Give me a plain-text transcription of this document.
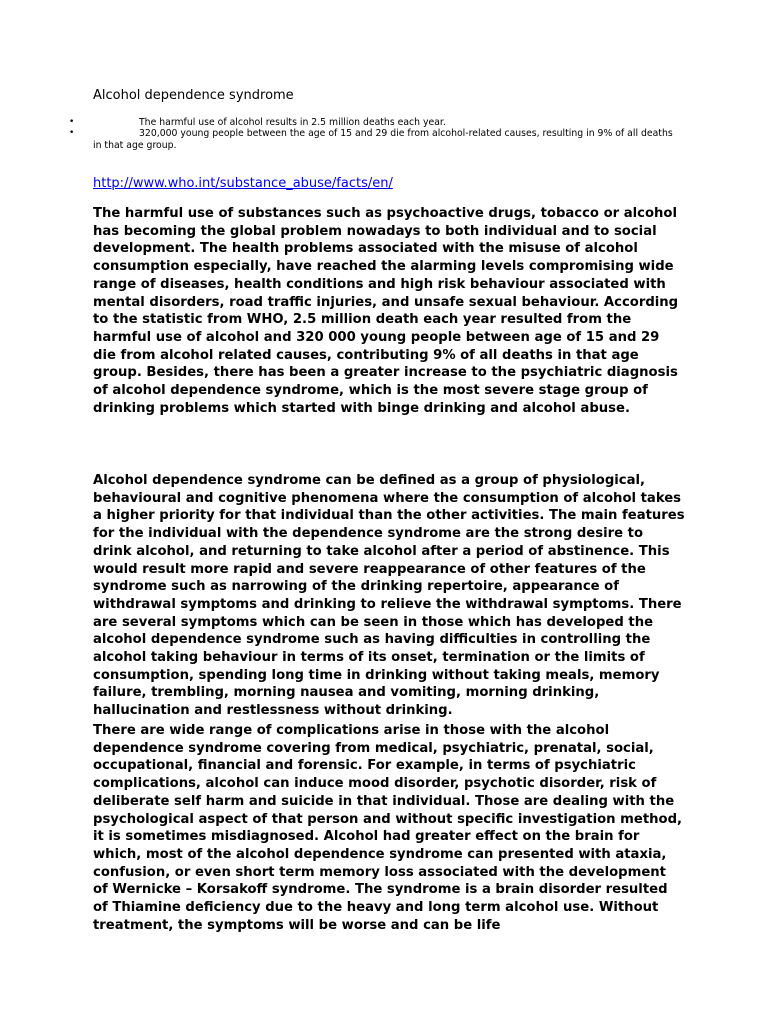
Alcohol dependence syndrome
•	The harmful use of alcohol results in 2.5 million deaths each year.
•	320,000 young people between the age of 15 and 29 die from alcohol-related causes, resulting in 9% of all deaths in that age group.
http://www.who.int/substance_abuse/facts/en/

The harmful use of substances such as psychoactive drugs, tobacco or alcohol has becoming the global problem nowadays to both individual and to social development. The health problems associated with the misuse of alcohol consumption especially, have reached the alarming levels compromising wide range of diseases, health conditions and high risk behaviour associated with mental disorders, road traffic injuries, and unsafe sexual behaviour. According to the statistic from WHO, 2.5 million death each year resulted from the harmful use of alcohol and 320 000 young people between age of 15 and 29 die from alcohol related causes, contributing 9% of all deaths in that age group. Besides, there has been a greater increase to the psychiatric diagnosis of alcohol dependence syndrome, which is the most severe stage group of drinking problems which started with binge drinking and alcohol abuse.

Alcohol dependence syndrome can be defined as a group of physiological, behavioural and cognitive phenomena where the consumption of alcohol takes a higher priority for that individual than the other activities. The main features for the individual with the dependence syndrome are the strong desire to drink alcohol, and returning to take alcohol after a period of abstinence. This would result more rapid and severe reappearance of other features of the syndrome such as narrowing of the drinking repertoire, appearance of withdrawal symptoms and drinking to relieve the withdrawal symptoms. There are several symptoms which can be seen in those which has developed the alcohol dependence syndrome such as having difficulties in controlling the alcohol taking behaviour in terms of its onset, termination or the limits of consumption, spending long time in drinking without taking meals, memory failure, trembling, morning nausea and vomiting, morning drinking, hallucination and restlessness without drinking.

There are wide range of complications arise in those with the alcohol dependence syndrome covering from medical, psychiatric, prenatal, social, occupational, financial and forensic. For example, in terms of psychiatric complications, alcohol can induce mood disorder, psychotic disorder, risk of deliberate self harm and suicide in that individual. Those are dealing with the psychological aspect of that person and without specific investigation method, it is sometimes misdiagnosed. Alcohol had greater effect on the brain for which, most of the alcohol dependence syndrome can presented with ataxia, confusion, or even short term memory loss associated with the development of Wernicke – Korsakoff syndrome. The syndrome is a brain disorder resulted of Thiamine deficiency due to the heavy and long term alcohol use. Without treatment, the symptoms will be worse and can be life
